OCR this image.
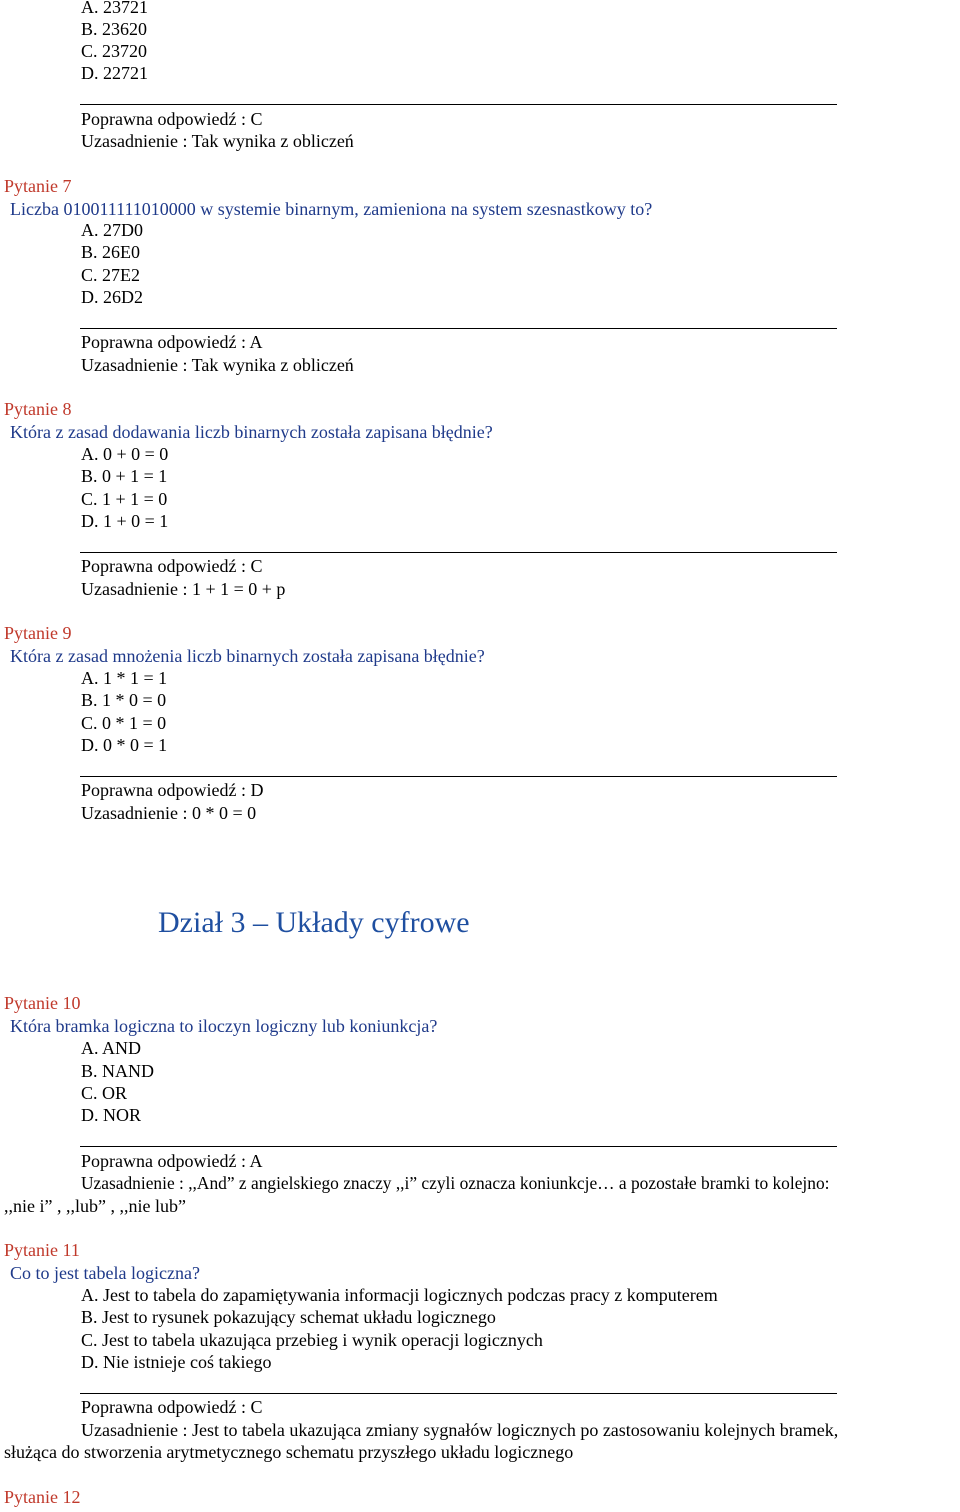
A. 23721
B. 23620
C. 23720
D. 22721
Poprawna odpowiedź : C
Uzasadnienie : Tak wynika z obliczeń
Pytanie 7
Liczba 010011111010000 w systemie binarnym, zamieniona na system szesnastkowy to?
A. 27D0
B. 26E0
C. 27E2
D. 26D2
Poprawna odpowiedź : A
Uzasadnienie : Tak wynika z obliczeń
Pytanie 8
Która z zasad dodawania liczb binarnych została zapisana błędnie?
A. 0 + 0 = 0
B. 0 + 1 = 1
C. 1 + 1 = 0
D. 1 + 0 = 1
Poprawna odpowiedź : C
Uzasadnienie : 1 + 1 = 0 + p
Pytanie 9
Która z zasad mnożenia liczb binarnych została zapisana błędnie?
A. 1 * 1 = 1
B. 1 * 0 = 0
C. 0 * 1 = 0
D. 0 * 0 = 1
Poprawna odpowiedź : D
Uzasadnienie : 0 * 0 = 0
Dział 3 – Układy cyfrowe
Pytanie 10
Która bramka logiczna to iloczyn logiczny lub koniunkcja?
A. AND
B. NAND
C. OR
D. NOR
Poprawna odpowiedź : A
Uzasadnienie : ,,And” z angielskiego znaczy ,,i” czyli oznacza koniunkcje… a pozostałe bramki to kolejno:
,,nie i” , ,,lub” , ,,nie lub”
Pytanie 11
Co to jest tabela logiczna?
A. Jest to tabela do zapamiętywania informacji logicznych podczas pracy z komputerem
B. Jest to rysunek pokazujący schemat układu logicznego
C. Jest to tabela ukazująca przebieg i wynik operacji logicznych
D. Nie istnieje coś takiego
Poprawna odpowiedź : C
Uzasadnienie : Jest to tabela ukazująca zmiany sygnałów logicznych po zastosowaniu kolejnych bramek,
służąca do stworzenia arytmetycznego schematu przyszłego układu logicznego
Pytanie 12
